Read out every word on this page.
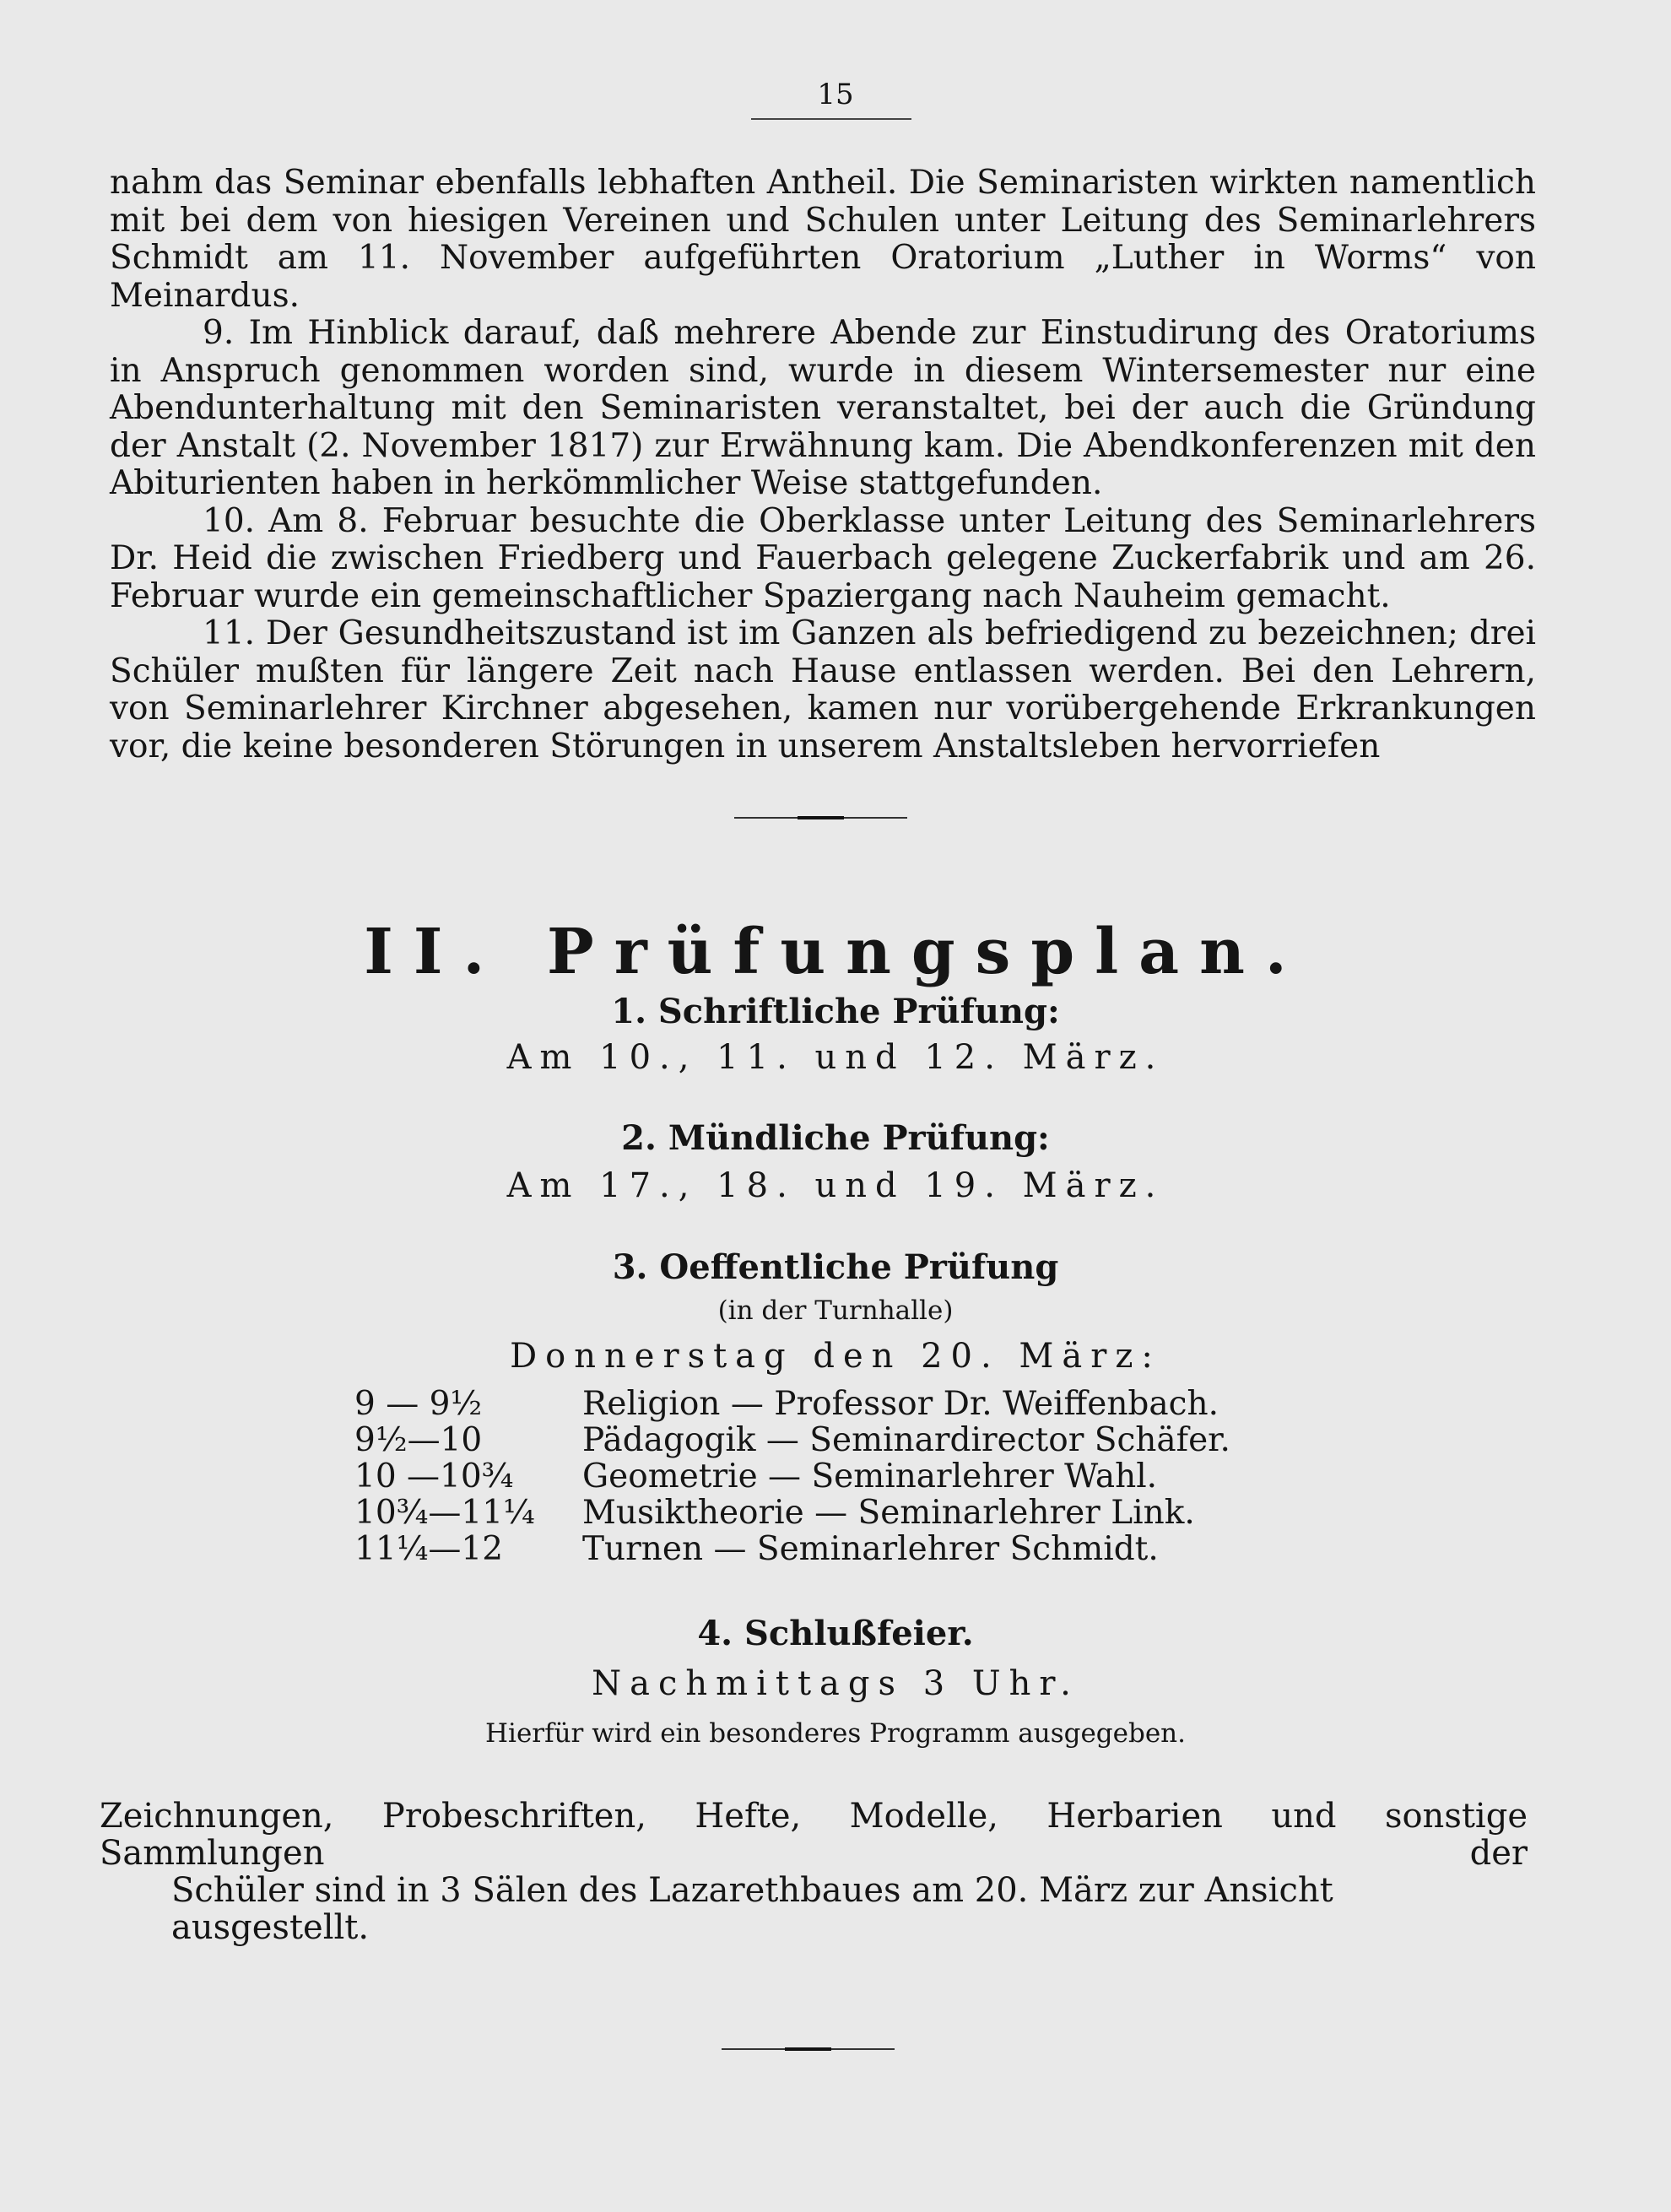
15

nahm das Seminar ebenfalls lebhaften Antheil. Die Seminaristen wirkten namentlich mit bei dem von hiesigen Vereinen und Schulen unter Leitung des Seminarlehrers Schmidt am 11. November aufgeführten Oratorium „Luther in Worms“ von Meinardus.

9. Im Hinblick darauf, daß mehrere Abende zur Einstudirung des Oratoriums in Anspruch genommen worden sind, wurde in diesem Wintersemester nur eine Abendunterhaltung mit den Seminaristen veranstaltet, bei der auch die Gründung der Anstalt (2. November 1817) zur Erwähnung kam. Die Abendkonferenzen mit den Abiturienten haben in herkömmlicher Weise stattgefunden.

10. Am 8. Februar besuchte die Oberklasse unter Leitung des Seminarlehrers Dr. Heid die zwischen Friedberg und Fauerbach gelegene Zuckerfabrik und am 26. Februar wurde ein gemeinschaftlicher Spaziergang nach Nauheim gemacht.

11. Der Gesundheitszustand ist im Ganzen als befriedigend zu bezeichnen; drei Schüler mußten für längere Zeit nach Hause entlassen werden. Bei den Lehrern, von Seminarlehrer Kirchner abgesehen, kamen nur vorübergehende Erkrankungen vor, die keine besonderen Störungen in unserem Anstaltsleben hervorriefen

II. Prüfungsplan.
1. Schriftliche Prüfung:
Am 10., 11. und 12. März.
2. Mündliche Prüfung:
Am 17., 18. und 19. März.
3. Oeffentliche Prüfung
(in der Turnhalle)
Donnerstag den 20. März:
9 — 9½	Religion — Professor Dr. Weiffenbach.
9½—10	Pädagogik — Seminardirector Schäfer.
10 —10¾	Geometrie — Seminarlehrer Wahl.
10¾—11¼	Musiktheorie — Seminarlehrer Link.
11¼—12	Turnen — Seminarlehrer Schmidt.
4. Schlußfeier.
Nachmittags 3 Uhr.
Hierfür wird ein besonderes Programm ausgegeben.
Zeichnungen, Probeschriften, Hefte, Modelle, Herbarien und sonstige Sammlungen der
Schüler sind in 3 Sälen des Lazarethbaues am 20. März zur Ansicht ausgestellt.
